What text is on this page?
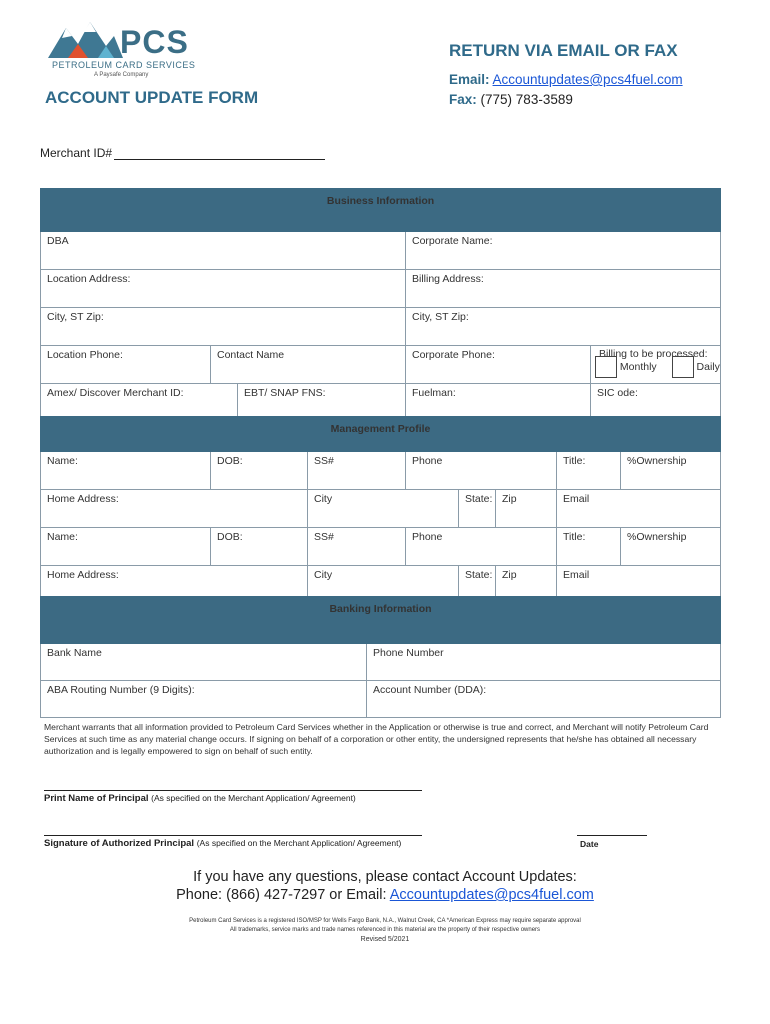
PCS
PETROLEUM CARD SERVICES
A Paysafe Company
RETURN VIA EMAIL OR FAX
Email: Accountupdates@pcs4fuel.com
Fax: (775) 783-3589
ACCOUNT UPDATE FORM
Merchant ID#
Business Information				
DBA			Corporate Name:	
Location Address:			Billing Address:	
City, ST Zip:			City, ST Zip:	
Location Phone:	Contact Name		Corporate Phone:	Billing to be processed:
Monthly Daily

Amex/ Discover Merchant ID:		EBT/ SNAP FNS:	Fuelman:	SIC ode:
Management Profile							
Name:	DOB:	SS#	Phone			Title:	%Ownership
Home Address:		City		State:	Zip	Email	
Name:	DOB:	SS#	Phone			Title:	%Ownership
Home Address:		City		State:	Zip	Email	
Banking Information	
Bank Name	Phone Number
ABA Routing Number (9 Digits):	Account Number (DDA):
Merchant warrants that all information provided to Petroleum Card Services whether in the Application or otherwise is true and correct, and Merchant will notify Petroleum Card Services at such time as any material change occurs. If signing on behalf of a corporation or other entity, the undersigned represents that he/she has obtained all necessary authorization and is legally empowered to sign on behalf of such entity.
Print Name of Principal (As specified on the Merchant Application/ Agreement)
Signature of Authorized Principal (As specified on the Merchant Application/ Agreement)	Date
If you have any questions, please contact Account Updates:
Phone: (866) 427-7297 or Email: Accountupdates@pcs4fuel.com
Petroleum Card Services is a registered ISO/MSP for Wells Fargo Bank, N.A., Walnut Creek, CA *American Express may require separate approval
All trademarks, service marks and trade names referenced in this material are the property of their respective owners
Revised 5/2021
